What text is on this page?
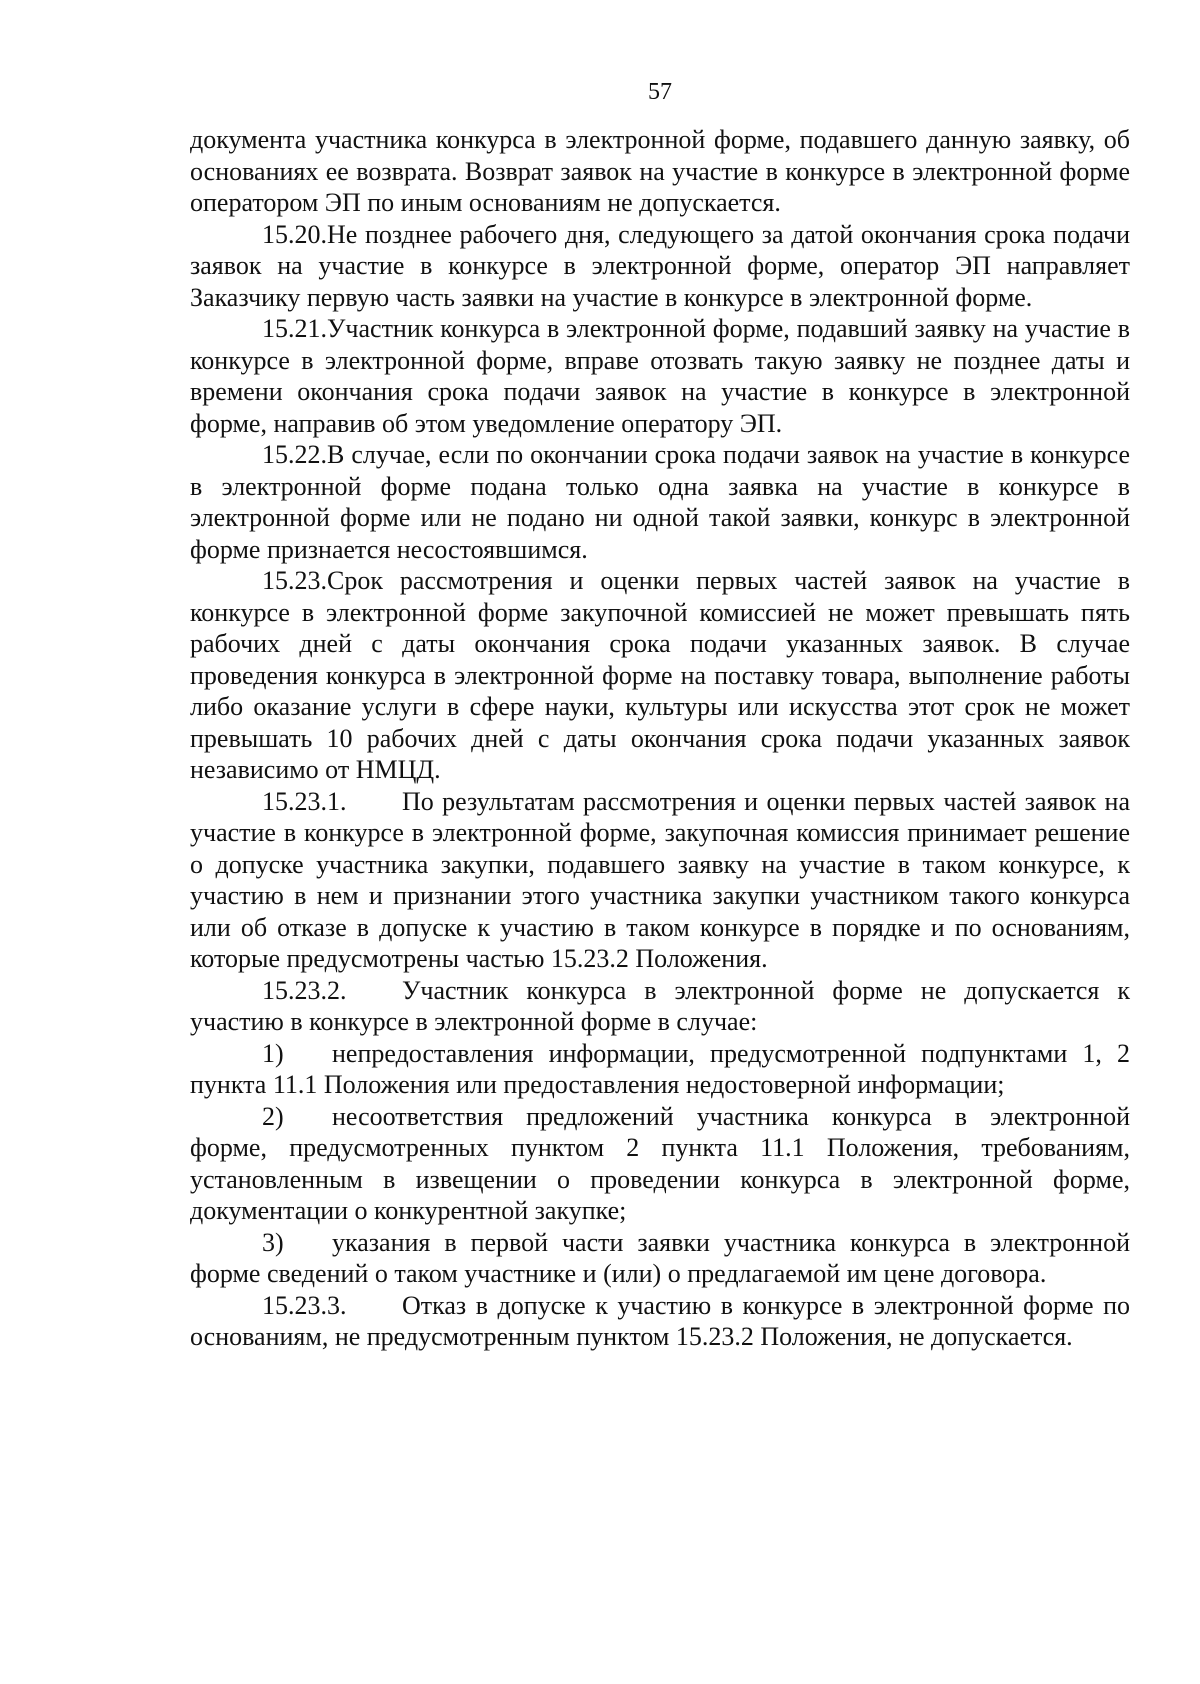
57

документа участника конкурса в электронной форме, подавшего данную заявку, об основаниях ее возврата. Возврат заявок на участие в конкурсе в электронной форме оператором ЭП по иным основаниям не допускается.

15.20.Не позднее рабочего дня, следующего за датой окончания срока подачи заявок на участие в конкурсе в электронной форме, оператор ЭП направляет Заказчику первую часть заявки на участие в конкурсе в электронной форме.

15.21.Участник конкурса в электронной форме, подавший заявку на участие в конкурсе в электронной форме, вправе отозвать такую заявку не позднее даты и времени окончания срока подачи заявок на участие в конкурсе в электронной форме, направив об этом уведомление оператору ЭП.

15.22.В случае, если по окончании срока подачи заявок на участие в конкурсе в электронной форме подана только одна заявка на участие в конкурсе в электронной форме или не подано ни одной такой заявки, конкурс в электронной форме признается несостоявшимся.

15.23.Срок рассмотрения и оценки первых частей заявок на участие в конкурсе в электронной форме закупочной комиссией не может превышать пять рабочих дней с даты окончания срока подачи указанных заявок. В случае проведения конкурса в электронной форме на поставку товара, выполнение работы либо оказание услуги в сфере науки, культуры или искусства этот срок не может превышать 10 рабочих дней с даты окончания срока подачи указанных заявок независимо от НМЦД.

15.23.1. По результатам рассмотрения и оценки первых частей заявок на участие в конкурсе в электронной форме, закупочная комиссия принимает решение о допуске участника закупки, подавшего заявку на участие в таком конкурсе, к участию в нем и признании этого участника закупки участником такого конкурса или об отказе в допуске к участию в таком конкурсе в порядке и по основаниям, которые предусмотрены частью 15.23.2 Положения.

15.23.2. Участник конкурса в электронной форме не допускается к участию в конкурсе в электронной форме в случае:

1) непредоставления информации, предусмотренной подпунктами 1, 2 пункта 11.1 Положения или предоставления недостоверной информации;

2) несоответствия предложений участника конкурса в электронной форме, предусмотренных пунктом 2 пункта 11.1 Положения, требованиям, установленным в извещении о проведении конкурса в электронной форме, документации о конкурентной закупке;

3) указания в первой части заявки участника конкурса в электронной форме сведений о таком участнике и (или) о предлагаемой им цене договора.

15.23.3. Отказ в допуске к участию в конкурсе в электронной форме по основаниям, не предусмотренным пунктом 15.23.2 Положения, не допускается.
